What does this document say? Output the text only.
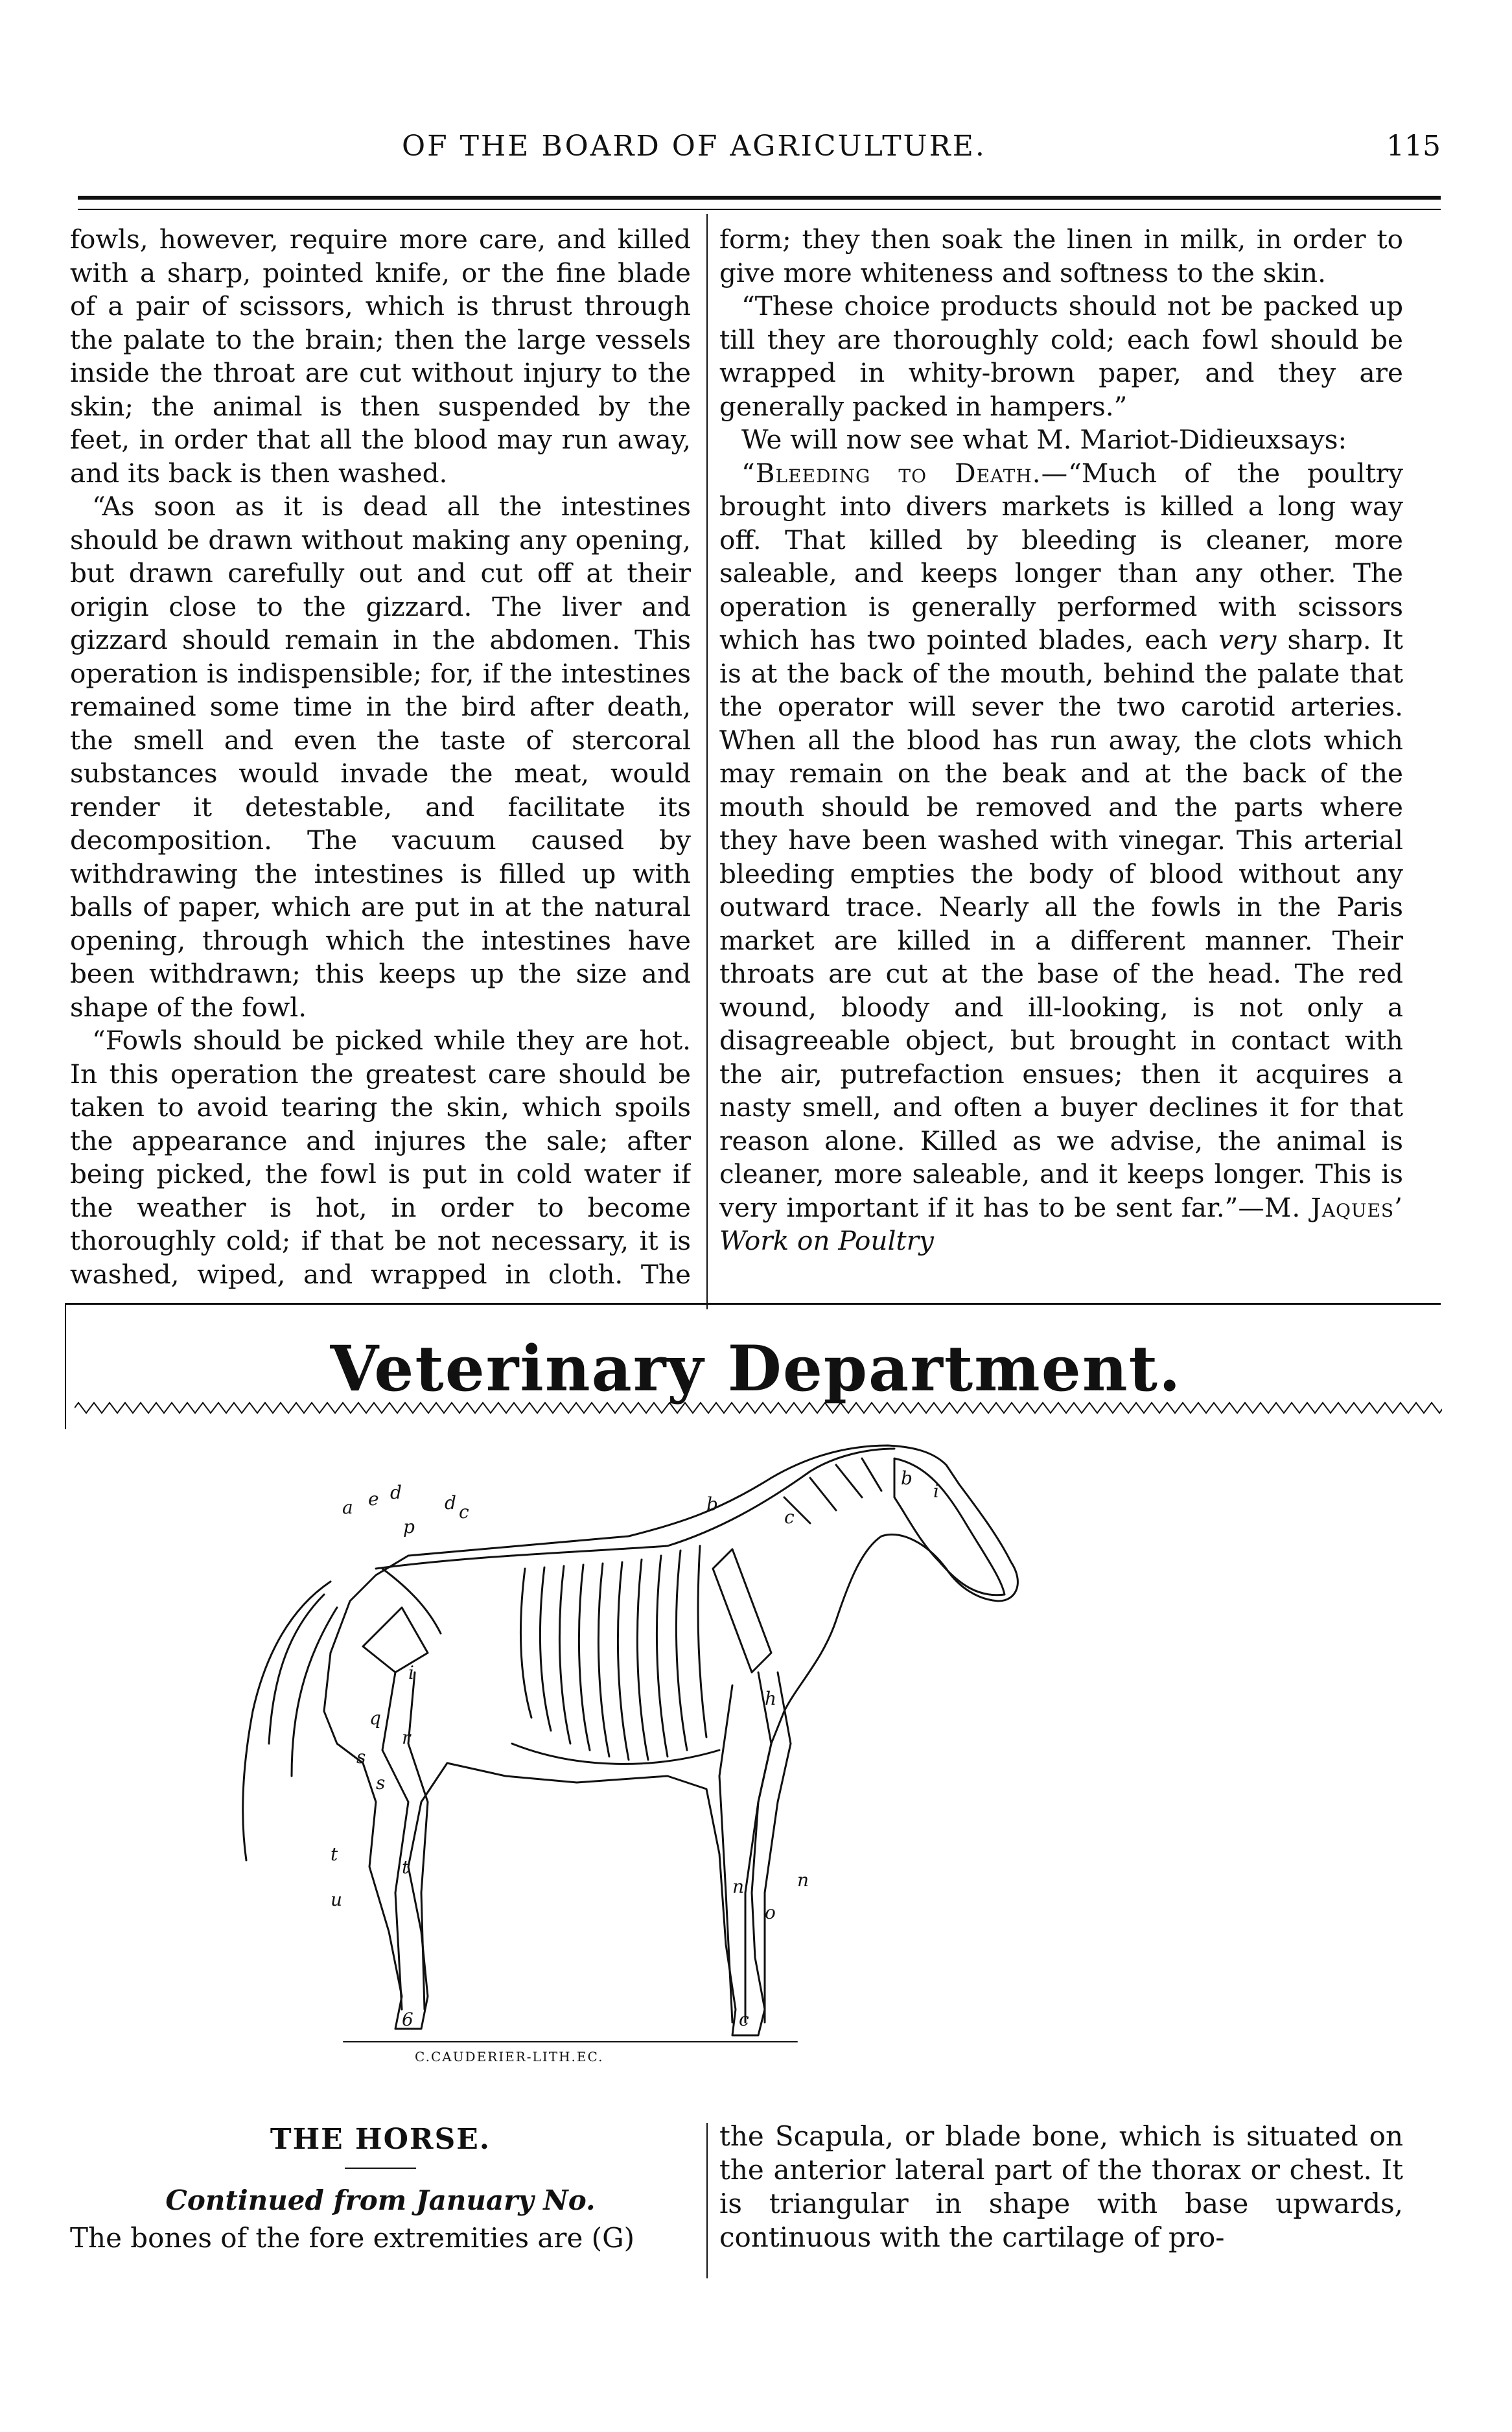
OF THE BOARD OF AGRICULTURE.	115

fowls, however, require more care, and killed with a sharp, pointed knife, or the fine blade of a pair of scissors, which is thrust through the palate to the brain; then the large vessels inside the throat are cut without injury to the skin; the animal is then suspended by the feet, in order that all the blood may run away, and its back is then washed.

“As soon as it is dead all the intestines should be drawn without making any opening, but drawn carefully out and cut off at their origin close to the gizzard. The liver and gizzard should remain in the abdomen. This operation is indispensible; for, if the intestines remained some time in the bird after death, the smell and even the taste of stercoral substances would invade the meat, would render it detestable, and facilitate its decomposition. The vacuum caused by withdrawing the intestines is filled up with balls of paper, which are put in at the natural opening, through which the intestines have been withdrawn; this keeps up the size and shape of the fowl.

“Fowls should be picked while they are hot. In this operation the greatest care should be taken to avoid tearing the skin, which spoils the appearance and injures the sale; after being picked, the fowl is put in cold water if the weather is hot, in order to become thoroughly cold; if that be not necessary, it is washed, wiped, and wrapped in cloth. The

form; they then soak the linen in milk, in order to give more whiteness and softness to the skin.

“These choice products should not be packed up till they are thoroughly cold; each fowl should be wrapped in whity-brown paper, and they are generally packed in hampers.”

We will now see what M. Mariot-Didieuxsays:

“Bleeding to Death.—“Much of the poultry brought into divers markets is killed a long way off. That killed by bleeding is cleaner, more saleable, and keeps longer than any other. The operation is generally performed with scissors which has two pointed blades, each very sharp. It is at the back of the mouth, behind the palate that the operator will sever the two carotid arteries. When all the blood has run away, the clots which may remain on the beak and at the back of the mouth should be removed and the parts where they have been washed with vinegar. This arterial bleeding empties the body of blood without any outward trace. Nearly all the fowls in the Paris market are killed in a different manner. Their throats are cut at the base of the head. The red wound, bloody and ill-looking, is not only a disagreeable object, but brought in contact with the air, putrefaction ensues; then it acquires a nasty smell, and often a buyer declines it for that reason alone. Killed as we advise, the animal is cleaner, more saleable, and it keeps longer. This is very important if it has to be sent far.”—M. Jaques’ Work on Poultry

Veterinary Department.
a e d d c	b
b
c
i
p
i
h
q
r
s
s
t
t
u
n	n
o
c
6
C.CAUDERIER-LITH.EC.

THE HORSE.

Continued from January No.

The bones of the fore extremities are (G)

the Scapula, or blade bone, which is situated on the anterior lateral part of the thorax or chest. It is triangular in shape with base upwards, continuous with the cartilage of pro-
